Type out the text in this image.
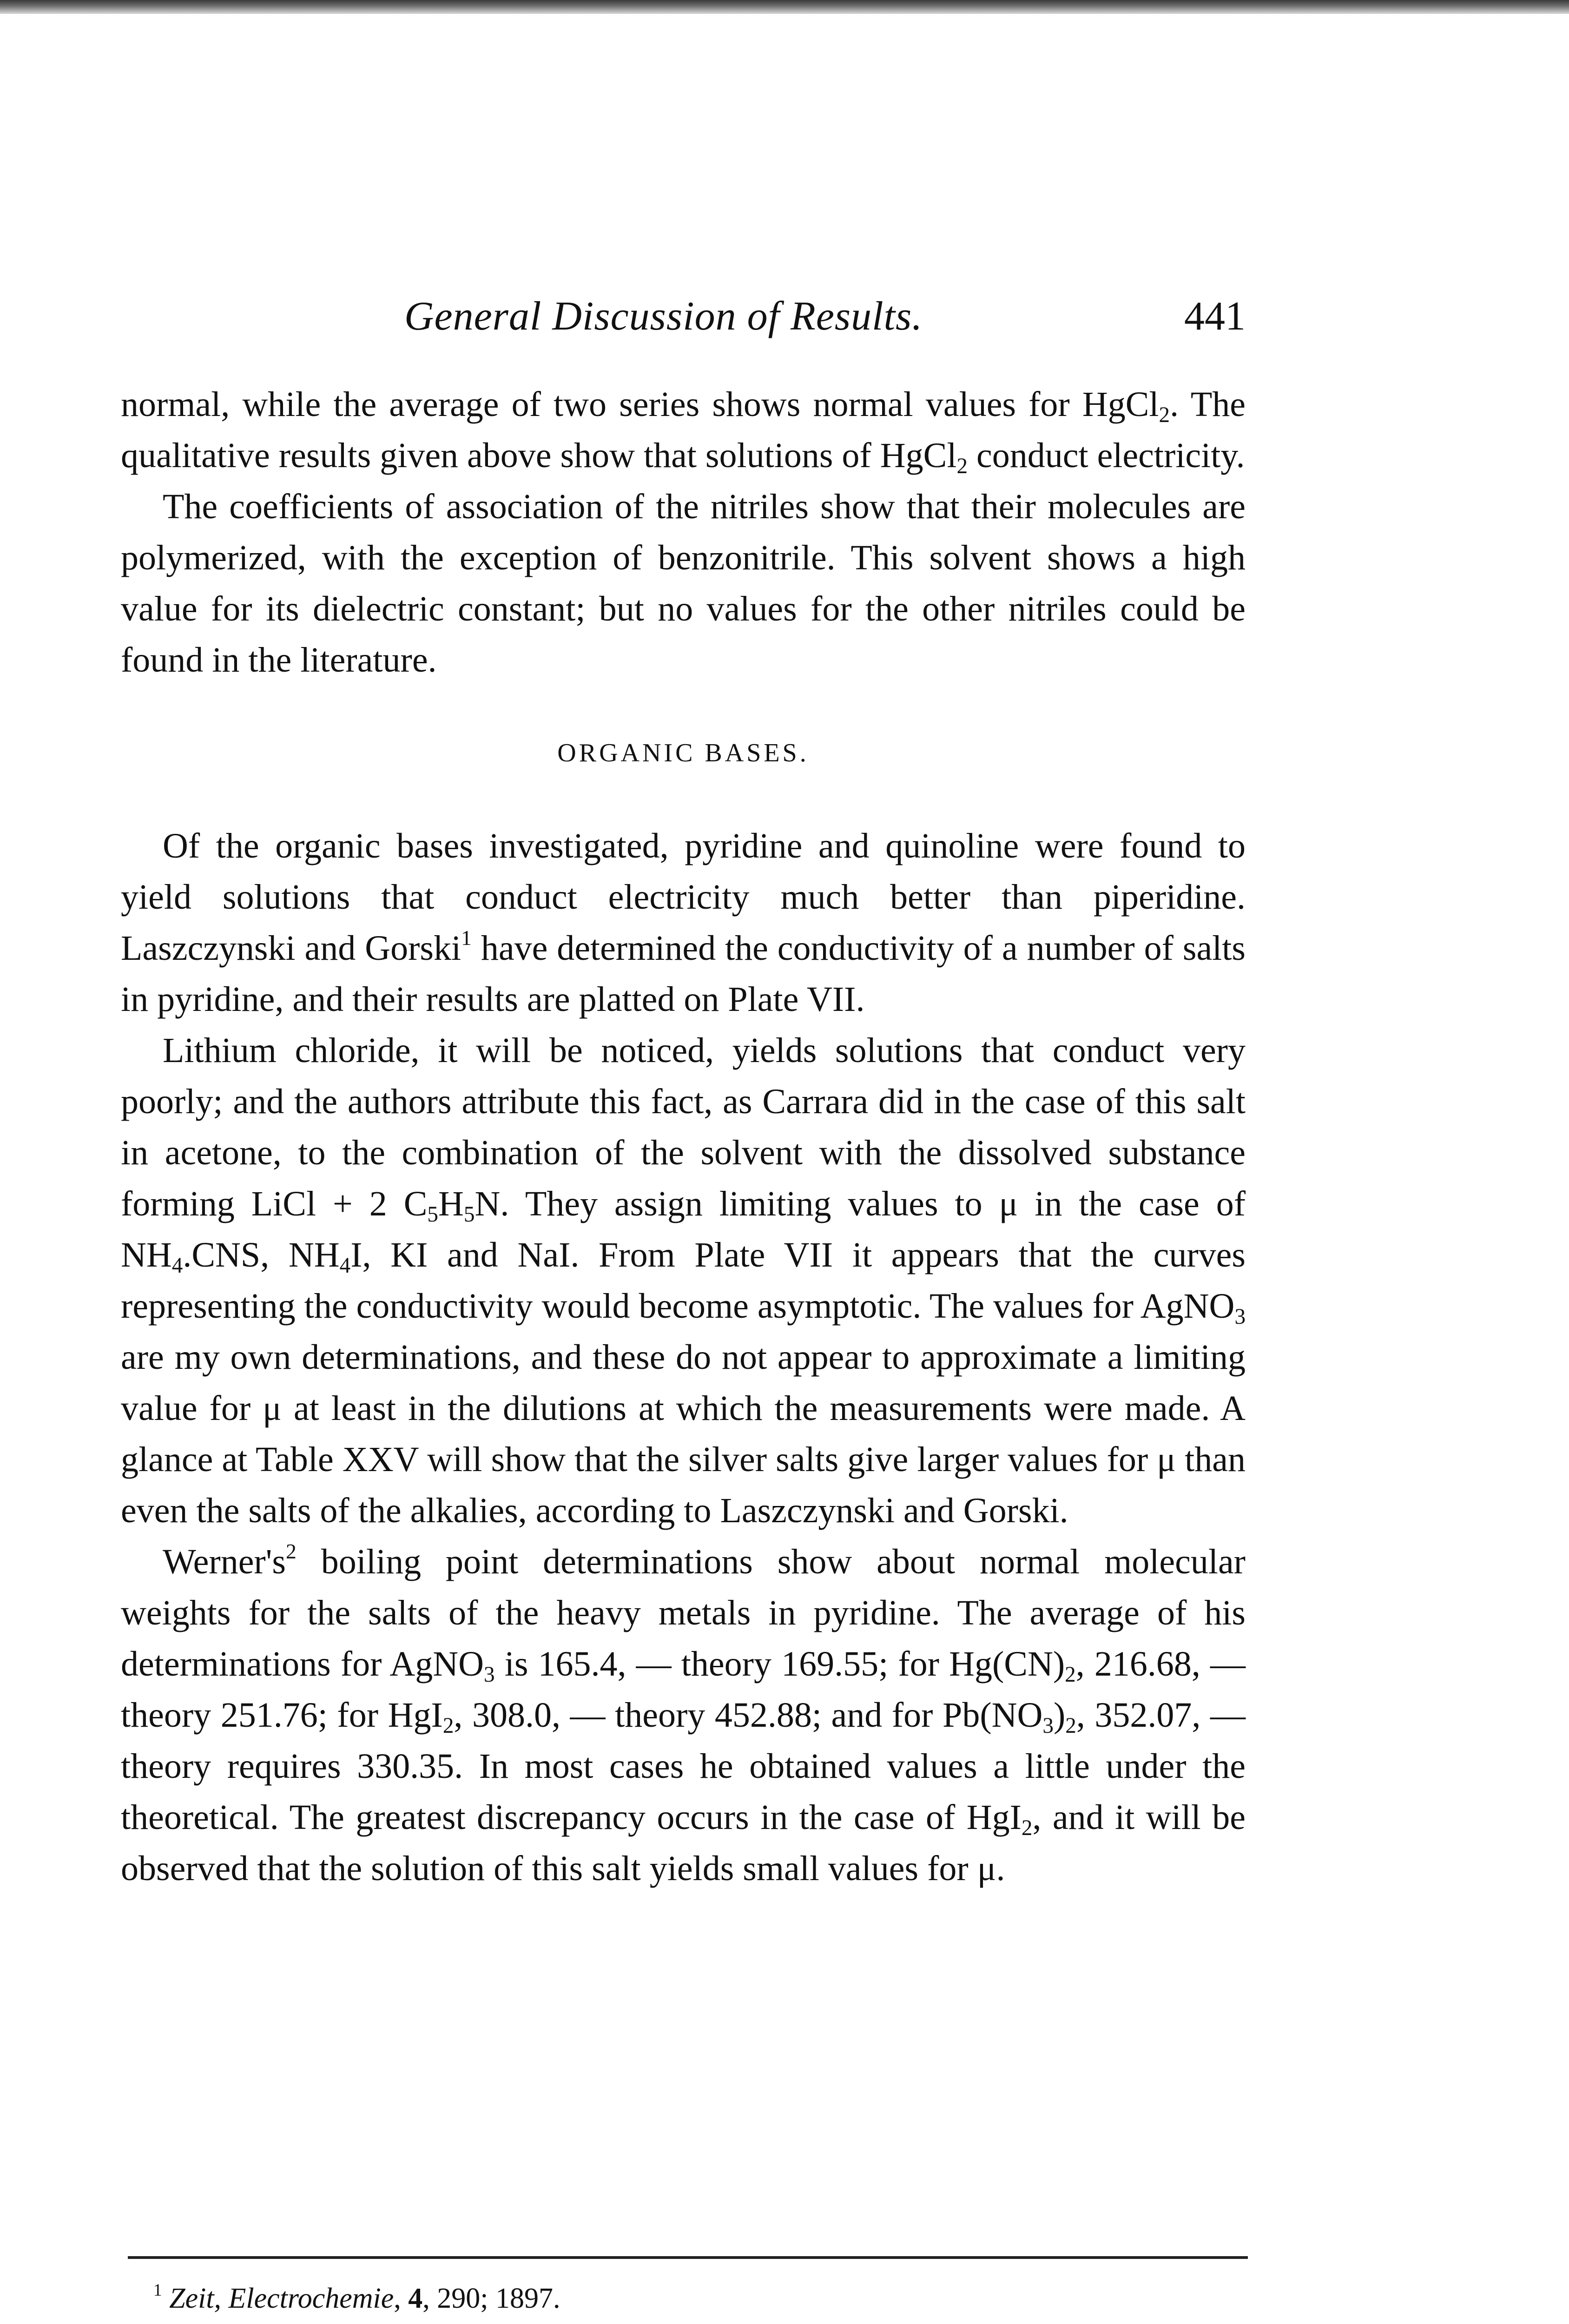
General Discussion of Results.	441

normal, while the average of two series shows normal values for HgCl$_2$. The qualitative results given above show that solutions of HgCl$_2$ conduct electricity.

The coefficients of association of the nitriles show that their molecules are polymerized, with the exception of benzonitrile. This solvent shows a high value for its dielectric constant; but no values for the other nitriles could be found in the literature.

ORGANIC BASES.

Of the organic bases investigated, pyridine and quinoline were found to yield solutions that conduct electricity much better than piperidine. Laszczynski and Gorski$^1$ have determined the conductivity of a number of salts in pyridine, and their results are platted on Plate VII.

Lithium chloride, it will be noticed, yields solutions that conduct very poorly; and the authors attribute this fact, as Carrara did in the case of this salt in acetone, to the combination of the solvent with the dissolved substance forming LiCl + 2 $C_5H_5N$. They assign limiting values to μ in the case of $NH_4.CNS$, $NH_4I$, KI and NaI. From Plate VII it appears that the curves representing the conductivity would become asymptotic. The values for AgNO$_3$ are my own determinations, and these do not appear to approximate a limiting value for μ at least in the dilutions at which the measurements were made. A glance at Table XXV will show that the silver salts give larger values for μ than even the salts of the alkalies, according to Laszczynski and Gorski.

$Werner's^2$ boiling point determinations show about normal molecular weights for the salts of the heavy metals in pyridine. The average of his determinations for AgNO$_3$ is 165.4, — theory 169.55; for $Hg(CN)_2$, 216.68, — theory 251.76; for HgI$_2$, 308.0, — theory 452.88; and for $Pb(NO_3)_2$, 352.07, — theory requires 330.35. In most cases he obtained values a little under the theoretical. The greatest discrepancy occurs in the case of HgI$_2$, and it will be observed that the solution of this salt yields small values for μ.

$^1$ Zeit, Electrochemie, 4, 290; 1897.
